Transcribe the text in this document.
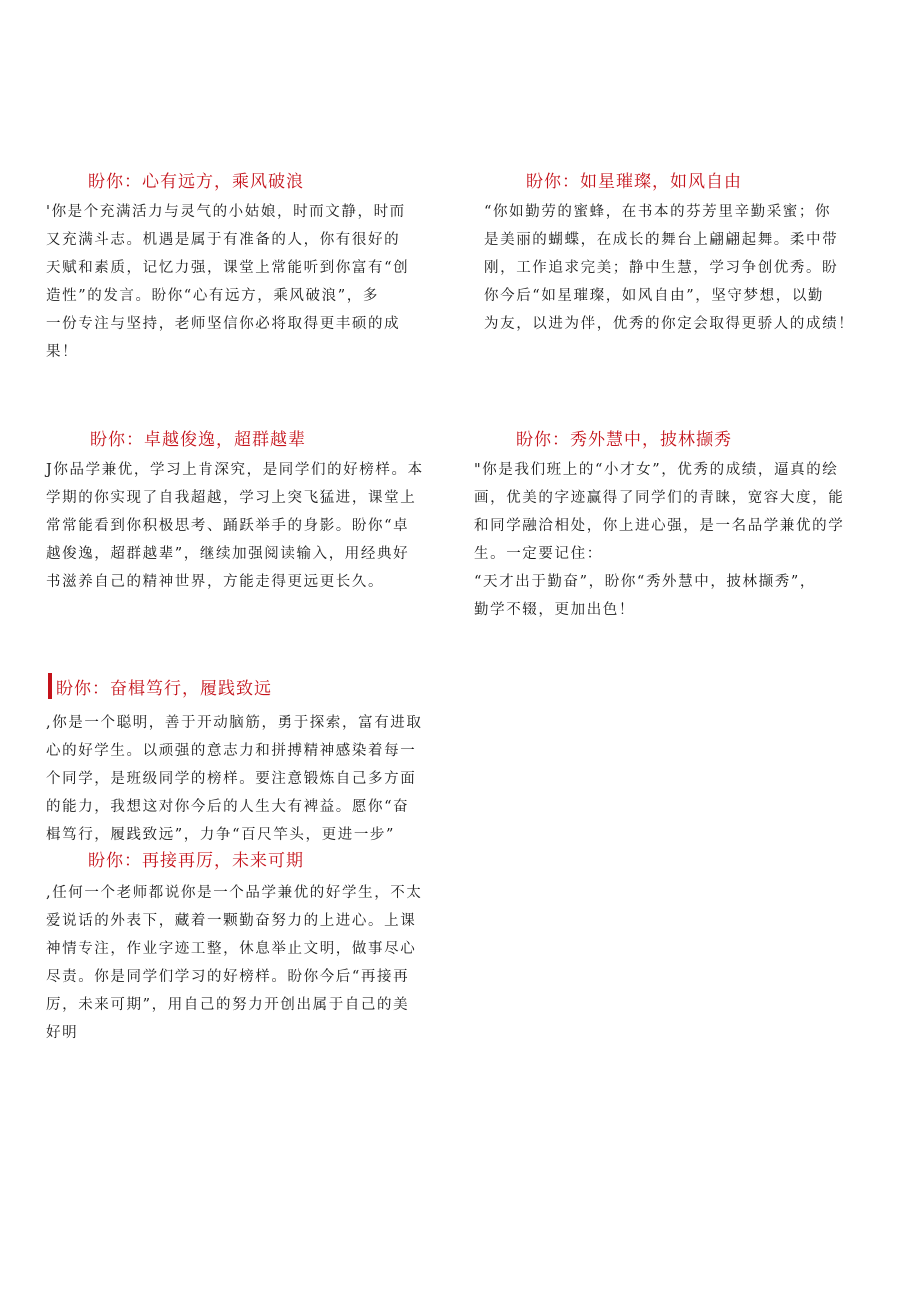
盼你：心有远方，乘风破浪
'你是个充满活力与灵气的小姑娘，时而文静，时而
又充满斗志。机遇是属于有准备的人，你有很好的
天赋和素质，记忆力强，课堂上常能听到你富有“创
造性”的发言。盼你“心有远方，乘风破浪”，多
一份专注与坚持，老师坚信你必将取得更丰硕的成
果！
盼你：如星璀璨，如风自由
“你如勤劳的蜜蜂，在书本的芬芳里辛勤采蜜；你
是美丽的蝴蝶，在成长的舞台上翩翩起舞。柔中带
刚，工作追求完美；静中生慧，学习争创优秀。盼
你今后“如星璀璨，如风自由”，坚守梦想，以勤
为友，以进为伴，优秀的你定会取得更骄人的成绩！
盼你：卓越俊逸，超群越辈
J你品学兼优，学习上肯深究，是同学们的好榜样。本
学期的你实现了自我超越，学习上突飞猛进，课堂上
常常能看到你积极思考、踊跃举手的身影。盼你“卓
越俊逸，超群越辈”，继续加强阅读输入，用经典好
书滋养自己的精神世界，方能走得更远更长久。
盼你：秀外慧中，披林撷秀
"你是我们班上的“小才女”，优秀的成绩，逼真的绘
画，优美的字迹赢得了同学们的青睐，宽容大度，能
和同学融洽相处，你上进心强，是一名品学兼优的学
生。一定要记住：
“天才出于勤奋”，盼你“秀外慧中，披林撷秀”，
勤学不辍，更加出色！
盼你：奋楫笃行，履践致远
,你是一个聪明，善于开动脑筋，勇于探索，富有进取
心的好学生。以顽强的意志力和拼搏精神感染着每一
个同学，是班级同学的榜样。要注意锻炼自己多方面
的能力，我想这对你今后的人生大有裨益。愿你“奋
楫笃行，履践致远”，力争“百尺竿头，更进一步”
盼你：再接再厉，未来可期
,任何一个老师都说你是一个品学兼优的好学生，不太
爱说话的外表下，藏着一颗勤奋努力的上进心。上课
神情专注，作业字迹工整，休息举止文明，做事尽心
尽责。你是同学们学习的好榜样。盼你今后“再接再
厉，未来可期”，用自己的努力开创出属于自己的美
好明
